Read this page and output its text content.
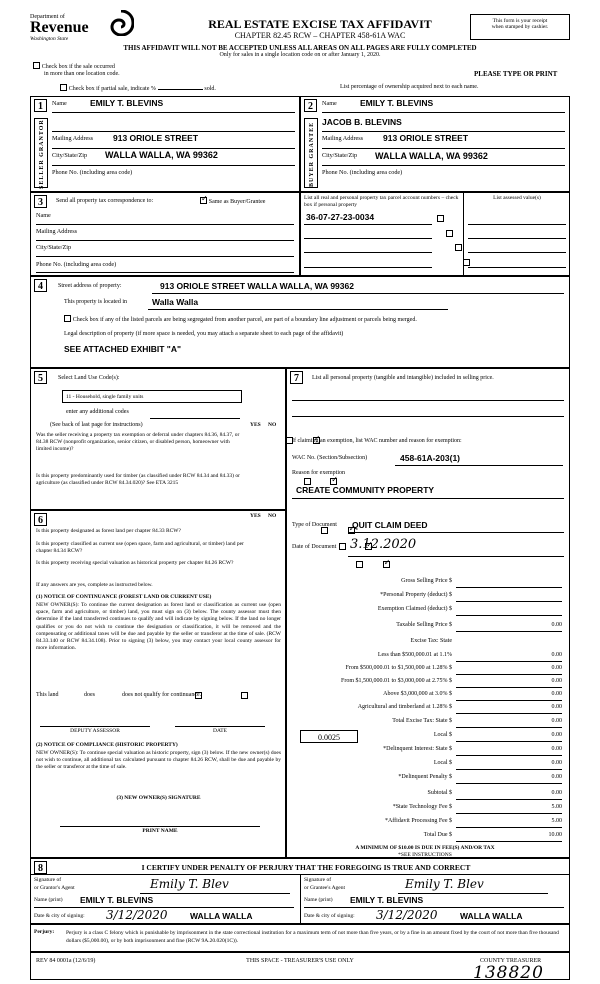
Department of
Revenue
Washington State
REAL ESTATE EXCISE TAX AFFIDAVIT
CHAPTER 82.45 RCW – CHAPTER 458-61A WAC
THIS AFFIDAVIT WILL NOT BE ACCEPTED UNLESS ALL AREAS ON ALL PAGES ARE FULLY COMPLETED
Only for sales in a single location code on or after January 1, 2020.
This form is your receipt
when stamped by cashier.
Check box if the sale occurred
in more than one location code.	PLEASE TYPE OR PRINT
Check box if partial sale, indicate %	sold.	List percentage of ownership acquired next to each name.
1	2
SELLER GRANTOR	BUYER GRANTEE
Name	EMILY T. BLEVINS
Mailing Address 913 ORIOLE STREET
City/State/Zip WALLA WALLA, WA 99362
Phone No. (including area code)
Name	EMILY T. BLEVINS
JACOB B. BLEVINS
Mailing Address 913 ORIOLE STREET
City/State/Zip WALLA WALLA, WA 99362
Phone No. (including area code)
3	Send all property tax correspondence to: ✓	Same as Buyer/Grantee
Name
Mailing Address
City/State/Zip
Phone No. (including area code)
List all real and personal property tax parcel account numbers – check box if personal property
List assessed value(s)
36-07-27-23-0034

4	Street address of property:	913 ORIOLE STREET WALLA WALLA, WA 99362
This property is located in	Walla Walla
Check box if any of the listed parcels are being segregated from another parcel, are part of a boundary line adjustment or parcels being merged.
Legal description of property (if more space is needed, you may attach a separate sheet to each page of the affidavit)
SEE ATTACHED EXHIBIT "A"
5	Select Land Use Code(s):
11 - Household, single family units
enter any additional codes
(See back of last page for instructions)	YES NO
Was the seller receiving a property tax exemption or deferral under chapters 84.36, 84.37, or 84.38 RCW (nonprofit organization, senior citizen, or disabled person, homeowner with limited income)?
✓
Is this property predominantly used for timber (as classified under RCW 84.34 and 84.33) or agriculture (as classified under RCW 84.34.020)? See ETA 3215
✓
6	YES NO
Is this property designated as forest land per chapter 84.33 RCW?
✓
Is this property classified as current use (open space, farm and agricultural, or timber) land per chapter 84.34 RCW?
✓
Is this property receiving special valuation as historical property per chapter 84.26 RCW?
✓
If any answers are yes, complete as instructed below.
(1) NOTICE OF CONTINUANCE (FOREST LAND OR CURRENT USE)
NEW OWNER(S): To continue the current designation as forest land or classification as current use (open space, farm and agriculture, or timber) land, you must sign on (3) below. The county assessor must then determine if the land transferred continues to qualify and will indicate by signing below. If the land no longer qualifies or you do not wish to continue the designation or classification, it will be removed and the compensating or additional taxes will be due and payable by the seller or transferor at the time of sale. (RCW 84.33.140 or RCW 84.34.108). Prior to signing (3) below, you may contact your local county assessor for more information.
This land
	does	does not qualify for continuance.
DEPUTY ASSESSOR	DATE
(2) NOTICE OF COMPLIANCE (HISTORIC PROPERTY)
NEW OWNER(S): To continue special valuation as historic property, sign (3) below. If the new owner(s) does not wish to continue, all additional tax calculated pursuant to chapter 84.26 RCW, shall be due and payable by the seller or transferor at the time of sale.
(3) NEW OWNER(S) SIGNATURE
PRINT NAME
7	List all personal property (tangible and intangible) included in selling price.
If claiming an exemption, list WAC number and reason for exemption:
WAC No. (Section/Subsection)	458-61A-203(1)
Reason for exemption
CREATE COMMUNITY PROPERTY
Type of Document QUIT CLAIM DEED
Date of Document 3.12.2020
Gross Selling Price $
*Personal Property (deduct) $
Exemption Claimed (deduct) $
Taxable Selling Price $	0.00
Excise Tax: State
Less than $500,000.01 at 1.1%	0.00
From $500,000.01 to $1,500,000 at 1.28% $	0.00
From $1,500,000.01 to $3,000,000 at 2.75% $	0.00
Above $3,000,000 at 3.0% $	0.00
Agricultural and timberland at 1.28% $	0.00
Total Excise Tax: State $	0.00
0.0025	Local $	0.00
*Delinquent Interest: State $	0.00
Local $	0.00
*Delinquent Penalty $	0.00
Subtotal $	0.00
*State Technology Fee $	5.00
*Affidavit Processing Fee $	5.00
Total Due $	10.00
A MINIMUM OF $10.00 IS DUE IN FEE(S) AND/OR TAX
*SEE INSTRUCTIONS
8	I CERTIFY UNDER PENALTY OF PERJURY THAT THE FOREGOING IS TRUE AND CORRECT
Signature of
or Grantor's Agent	Emily T. Blev	Signature of
or Grantee's Agent	Emily T. Blev
Name (print) EMILY T. BLEVINS	Name (print) EMILY T. BLEVINS
Date & city of signing: 3/12/2020	WALLA WALLA	Date & city of signing: 3/12/2020	WALLA WALLA
Perjury: Perjury is a class C felony which is punishable by imprisonment in the state correctional institution for a maximum term of not more than five years, or by a fine in an amount fixed by the court of not more than five thousand dollars ($5,000.00), or by both imprisonment and fine (RCW 9A.20.020(1C)).
REV 84 0001a (12/6/19)	THIS SPACE - TREASURER'S USE ONLY	COUNTY TREASURER
138820
